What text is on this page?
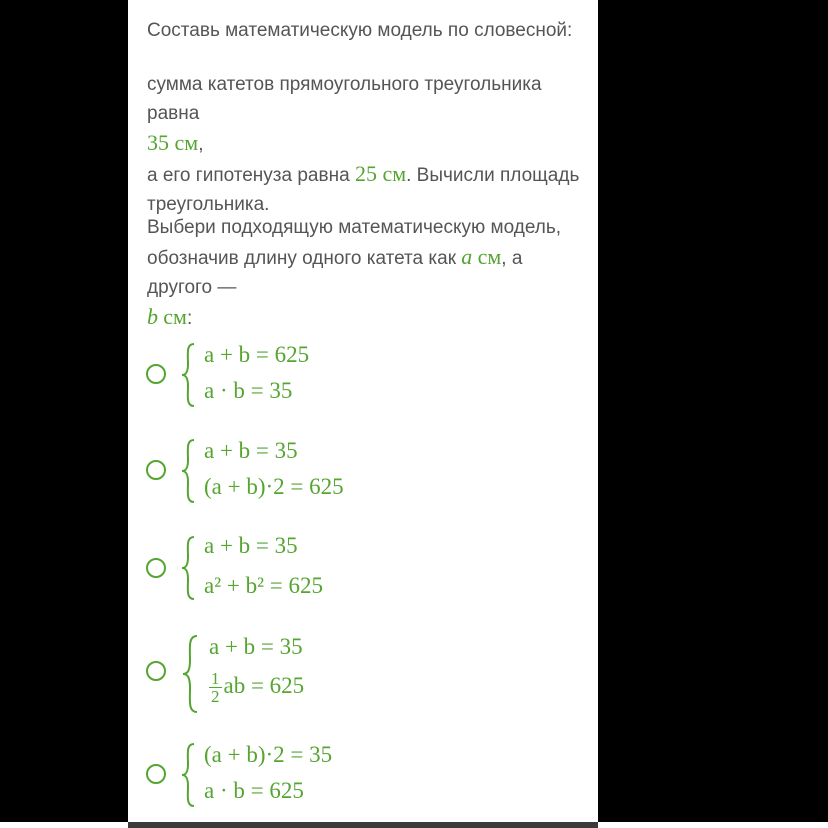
Составь математическую модель по словесной:
сумма катетов прямоугольного треугольника равна
35 см,
а его гипотенуза равна 25 см. Вычисли площадь треугольника.
Выбери подходящую математическую модель, обозначив длину одного катета как a см, а другого —
b см:
a + b = 625
a · b = 35
a + b = 35
(a + b)·2 = 625
a + b = 35
a² + b² = 625
a + b = 35
$\frac{1}{2}$ ab = 625
(a + b)·2 = 35
a · b = 625
